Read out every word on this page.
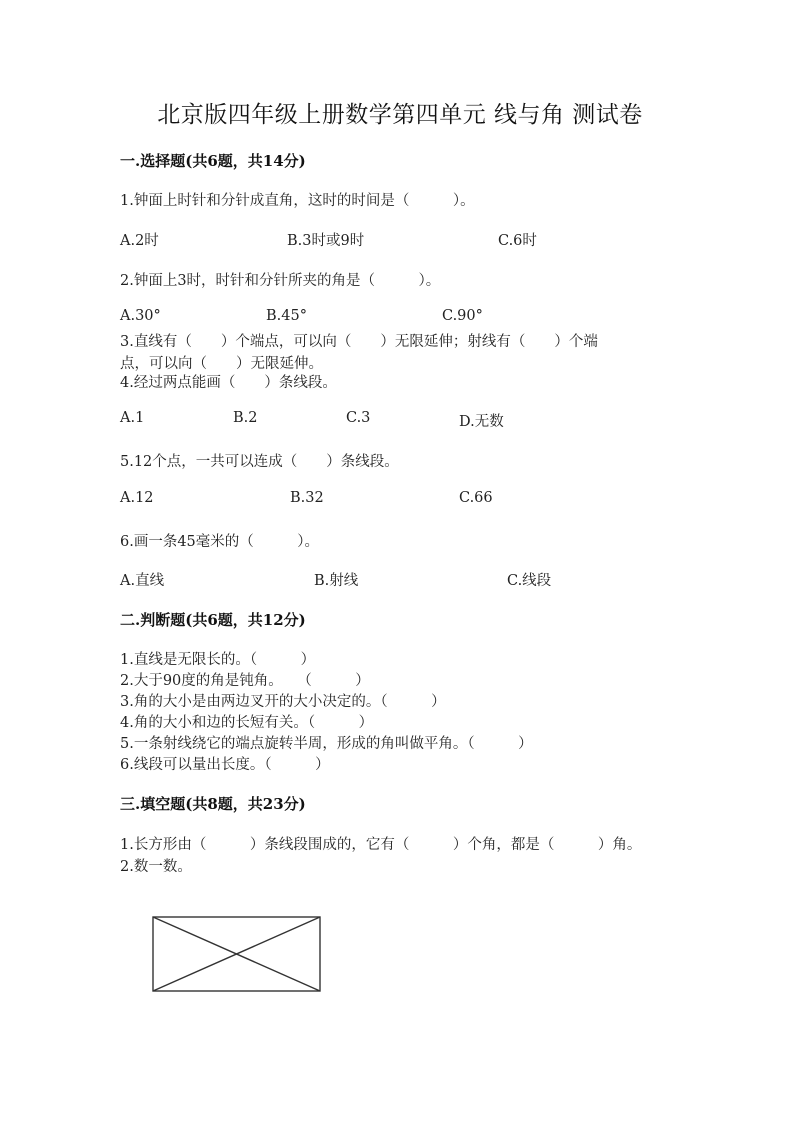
北京版四年级上册数学第四单元 线与角 测试卷
一.选择题(共6题，共14分)
1.钟面上时针和分针成直角，这时的时间是（　　　）。
A.2时	B.3时或9时	C.6时
2.钟面上3时，时针和分针所夹的角是（　　　）。
A.30°	B.45°	C.90°
3.直线有（　　）个端点，可以向（　　）无限延伸；射线有（　　）个端
点，可以向（　　）无限延伸。
4.经过两点能画（　　）条线段。
A.1	B.2	C.3	D.无数
5.12个点，一共可以连成（　　）条线段。
A.12	B.32	C.66
6.画一条45毫米的（　　　）。
A.直线	B.射线	C.线段
二.判断题(共6题，共12分)
1.直线是无限长的。（　　　）
2.大于90度的角是钝角。　　（　　　）
3.角的大小是由两边叉开的大小决定的。（　　　）
4.角的大小和边的长短有关。（　　　）
5.一条射线绕它的端点旋转半周，形成的角叫做平角。（　　　）
6.线段可以量出长度。（　　　）
三.填空题(共8题，共23分)
1.长方形由（　　　）条线段围成的，它有（　　　）个角，都是（　　　）角。
2.数一数。
